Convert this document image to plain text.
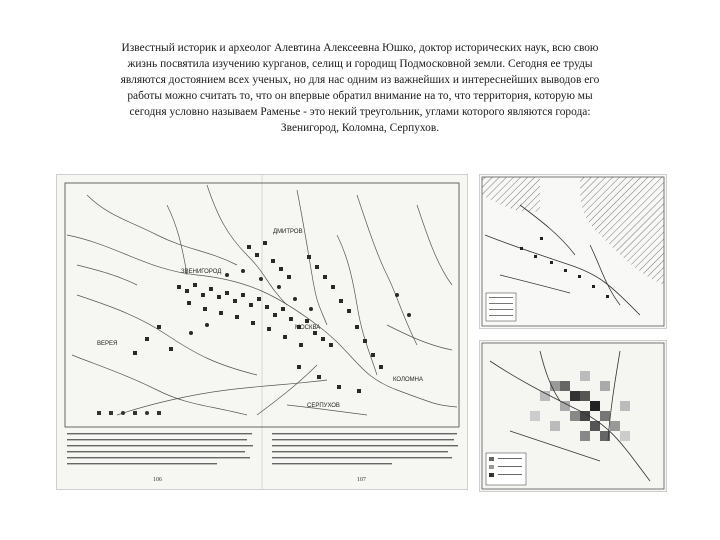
Известный историк и археолог Алевтина Алексеевна Юшко, доктор исторических наук, всю свою
жизнь посвятила изучению курганов, селищ и городищ Подмосковной земли. Сегодня ее труды
являются достоянием всех ученых, но для нас одним из важнейших и интереснейших выводов его
работы можно считать то, что он впервые обратил внимание на то, что территория, которую мы
сегодня условно называем Раменье - это некий треугольник, углами которого являются города:
Звенигород, Коломна, Серпухов.
ДМИТРОВ
МОСКВА
ЗВЕНИГОРОД
ВЕРЕЯ
КОЛОМНА
СЕРПУХОВ
106	107
